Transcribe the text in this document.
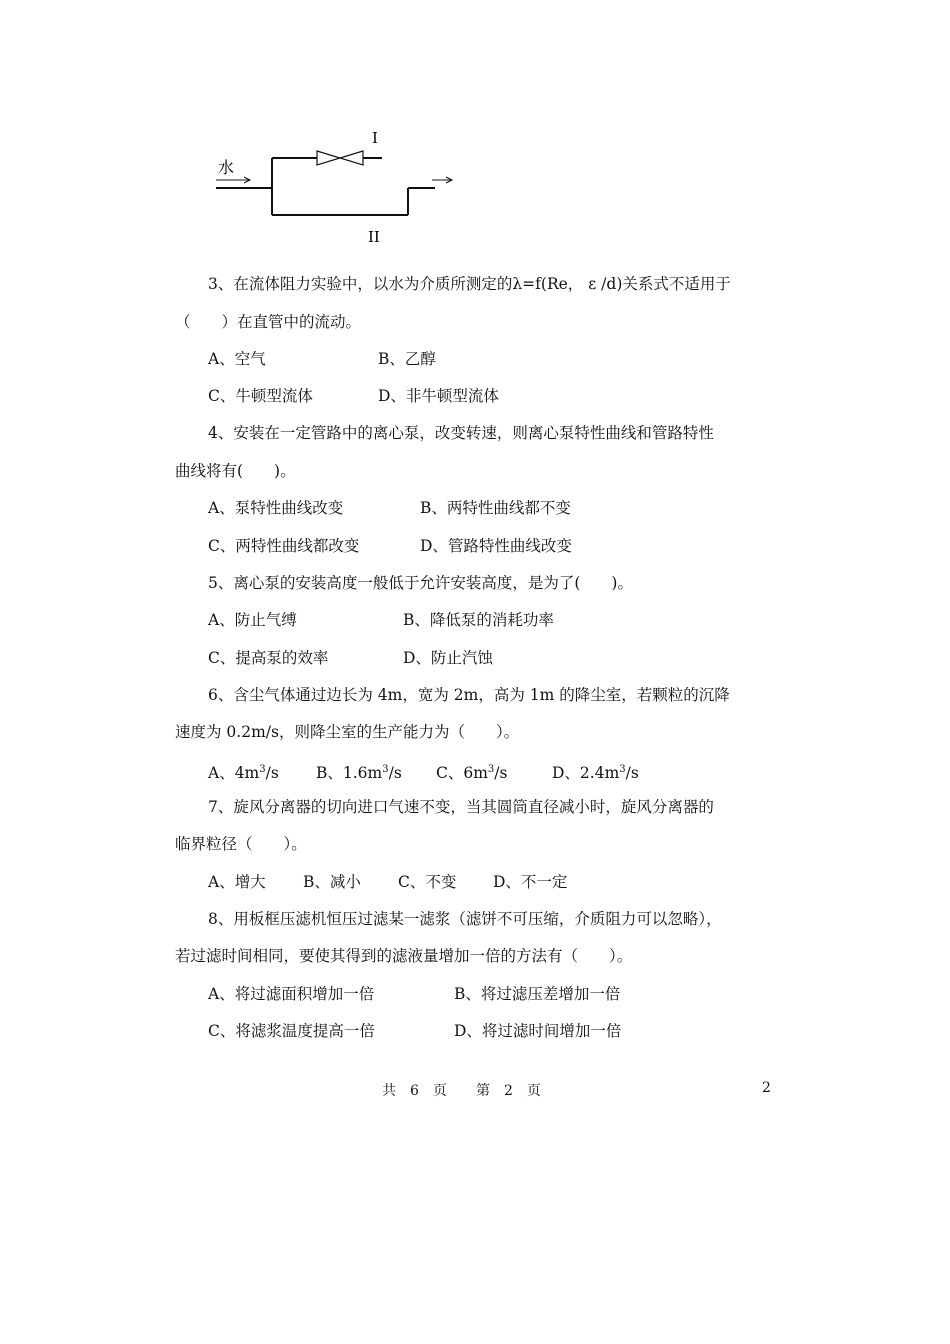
水
I
II
3、在流体阻力实验中，以水为介质所测定的λ=f(Re， ε /d)关系式不适用于
（　　）在直管中的流动。
A、空气	B、乙醇
C、牛顿型流体	D、非牛顿型流体
4、安装在一定管路中的离心泵，改变转速，则离心泵特性曲线和管路特性
曲线将有(　　)。
A、泵特性曲线改变	B、两特性曲线都不变
C、两特性曲线都改变	D、管路特性曲线改变
5、离心泵的安装高度一般低于允许安装高度，是为了(　　)。
A、防止气缚	B、降低泵的消耗功率
C、提高泵的效率	D、防止汽蚀
6、含尘气体通过边长为 4m，宽为 2m，高为 1m 的降尘室，若颗粒的沉降
速度为 0.2m/s，则降尘室的生产能力为（　　）。
A、$4m^3/s$ B、$1.6m^3/s$ C、$6m^3/s$	D、$2.4m^3/s$
7、旋风分离器的切向进口气速不变，当其圆筒直径减小时，旋风分离器的
临界粒径（　　）。
A、增大 B、减小 C、不变 D、不一定
8、用板框压滤机恒压过滤某一滤浆（滤饼不可压缩，介质阻力可以忽略），
若过滤时间相同，要使其得到的滤液量增加一倍的方法有（　　）。
A、将过滤面积增加一倍	B、将过滤压差增加一倍
C、将滤浆温度提高一倍	D、将过滤时间增加一倍
共　6　页 第　2　页	2
